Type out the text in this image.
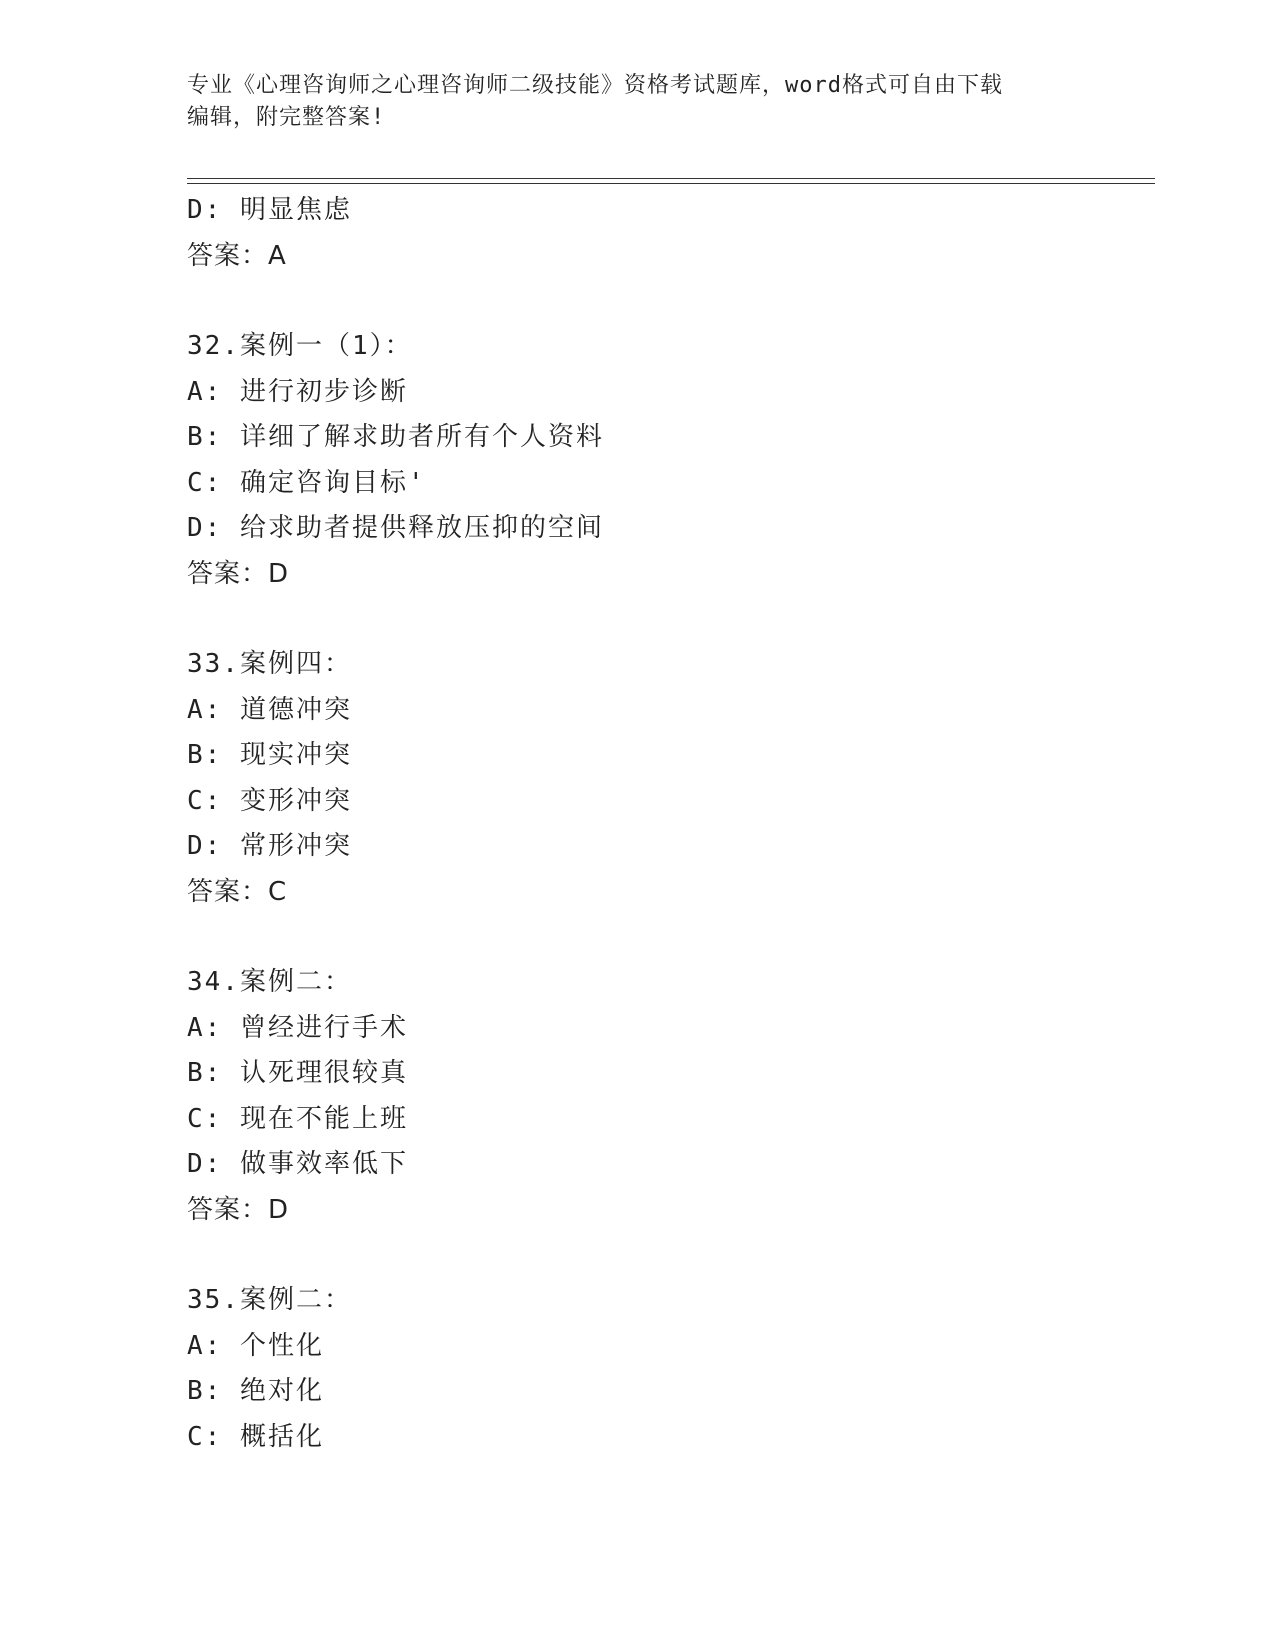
专业《心理咨询师之心理咨询师二级技能》资格考试题库，word格式可自由下载
编辑，附完整答案!
D: 明显焦虑
答案：A
32.案例一（1）：
A: 进行初步诊断
B: 详细了解求助者所有个人资料
C: 确定咨询目标'
D: 给求助者提供释放压抑的空间
答案：D
33.案例四：
A: 道德冲突
B: 现实冲突
C: 变形冲突
D: 常形冲突
答案：C
34.案例二：
A: 曾经进行手术
B: 认死理很较真
C: 现在不能上班
D: 做事效率低下
答案：D
35.案例二：
A: 个性化
B: 绝对化
C: 概括化
